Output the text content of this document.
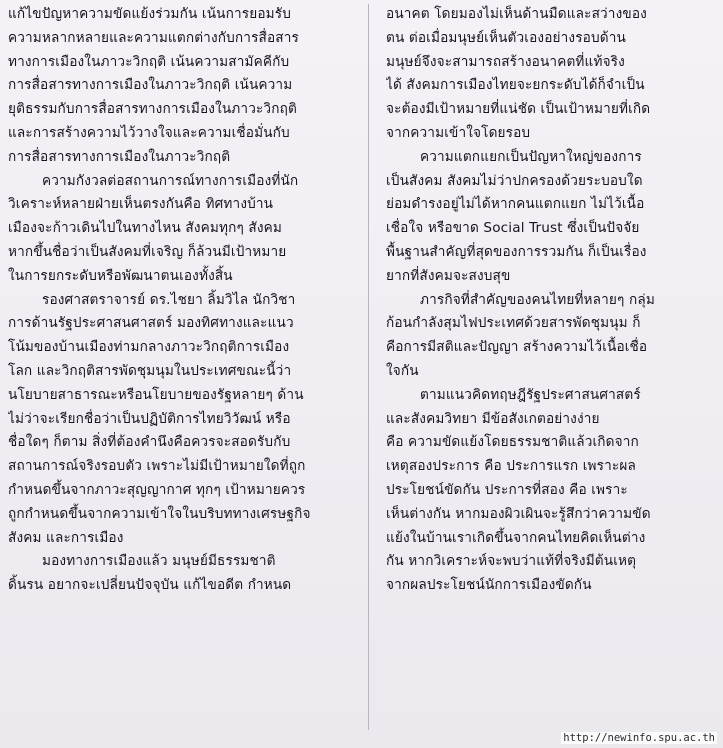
แก้ไขปัญหาความขัดแย้งร่วมกัน เน้นการยอมรับ
ความหลากหลายและความแตกต่างกับการสื่อสาร
ทางการเมืองในภาวะวิกฤติ เน้นความสามัคคีกับ
การสื่อสารทางการเมืองในภาวะวิกฤติ เน้นความ
ยุติธรรมกับการสื่อสารทางการเมืองในภาวะวิกฤติ
และการสร้างความไว้วางใจและความเชื่อมั่นกับ
การสื่อสารทางการเมืองในภาวะวิกฤติ
ความกังวลต่อสถานการณ์ทางการเมืองที่นัก
วิเคราะห์หลายฝ่ายเห็นตรงกันคือ ทิศทางบ้าน
เมืองจะก้าวเดินไปในทางไหน สังคมทุกๆ สังคม
หากขึ้นชื่อว่าเป็นสังคมที่เจริญ ก็ล้วนมีเป้าหมาย
ในการยกระดับหรือพัฒนาตนเองทั้งสิ้น
รองศาสตราจารย์ ดร.ไชยา ลิ้มวิไล นักวิชา
การด้านรัฐประศาสนศาสตร์ มองทิศทางและแนว
โน้มของบ้านเมืองท่ามกลางภาวะวิกฤติการเมือง
โลก และวิกฤติสารพัดชุมนุมในประเทศขณะนี้ว่า
นโยบายสาธารณะหรือนโยบายของรัฐหลายๆ ด้าน
ไม่ว่าจะเรียกชื่อว่าเป็นปฏิบัติการไทยวิวัฒน์ หรือ
ชื่อใดๆ ก็ตาม สิ่งที่ต้องคำนึงคือควรจะสอดรับกับ
สถานการณ์จริงรอบตัว เพราะไม่มีเป้าหมายใดที่ถูก
กำหนดขึ้นจากภาวะสุญญากาศ ทุกๆ เป้าหมายควร
ถูกกำหนดขึ้นจากความเข้าใจในบริบททางเศรษฐกิจ
สังคม และการเมือง
มองทางการเมืองแล้ว มนุษย์มีธรรมชาติ
ดิ้นรน อยากจะเปลี่ยนปัจจุบัน แก้ไขอดีต กำหนด
อนาคต โดยมองไม่เห็นด้านมืดและสว่างของ
ตน ต่อเมื่อมนุษย์เห็นตัวเองอย่างรอบด้าน
มนุษย์จึงจะสามารถสร้างอนาคตที่แท้จริง
ได้ สังคมการเมืองไทยจะยกระดับได้ก็จำเป็น
จะต้องมีเป้าหมายที่แน่ชัด เป็นเป้าหมายที่เกิด
จากความเข้าใจโดยรอบ
ความแตกแยกเป็นปัญหาใหญ่ของการ
เป็นสังคม สังคมไม่ว่าปกครองด้วยระบอบใด
ย่อมดำรงอยู่ไม่ได้หากคนแตกแยก ไม่ไว้เนื้อ
เชื่อใจ หรือขาด Social Trust ซึ่งเป็นปัจจัย
พื้นฐานสำคัญที่สุดของการรวมกัน ก็เป็นเรื่อง
ยากที่สังคมจะสงบสุข
ภารกิจที่สำคัญของคนไทยที่หลายๆ กลุ่ม
ก้อนกำลังสุมไฟประเทศด้วยสารพัดชุมนุม ก็
คือการมีสติและปัญญา สร้างความไว้เนื้อเชื่อ
ใจกัน
ตามแนวคิดทฤษฎีรัฐประศาสนศาสตร์
และสังคมวิทยา มีข้อสังเกตอย่างง่าย
คือ ความขัดแย้งโดยธรรมชาติแล้วเกิดจาก
เหตุสองประการ คือ ประการแรก เพราะผล
ประโยชน์ขัดกัน ประการที่สอง คือ เพราะ
เห็นต่างกัน หากมองผิวเผินจะรู้สึกว่าความขัด
แย้งในบ้านเราเกิดขึ้นจากคนไทยคิดเห็นต่าง
กัน หากวิเคราะห์จะพบว่าแท้ที่จริงมีต้นเหตุ
จากผลประโยชน์นักการเมืองขัดกัน
http://newinfo.spu.ac.th
